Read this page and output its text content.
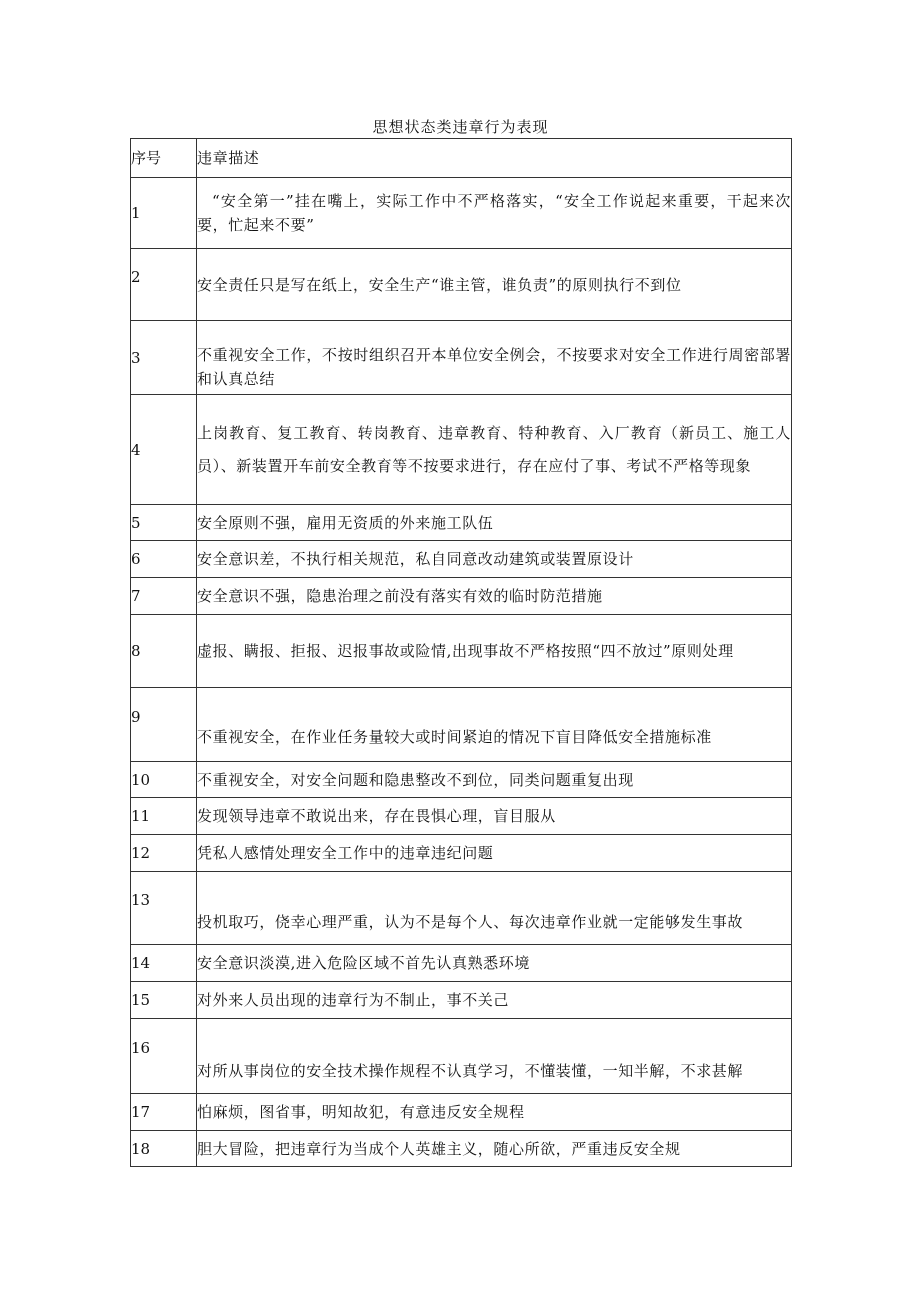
思想状态类违章行为表现
序号	违章描述
1	“安全第一”挂在嘴上，实际工作中不严格落实，“安全工作说起来重要，干起来次要，忙起来不要”
2	安全责任只是写在纸上，安全生产“谁主管，谁负责”的原则执行不到位
3	不重视安全工作，不按时组织召开本单位安全例会，不按要求对安全工作进行周密部署和认真总结
4	上岗教育、复工教育、转岗教育、违章教育、特种教育、入厂教育（新员工、施工人员）、新装置开车前安全教育等不按要求进行，存在应付了事、考试不严格等现象
5	安全原则不强，雇用无资质的外来施工队伍
6	安全意识差，不执行相关规范，私自同意改动建筑或装置原设计
7	安全意识不强，隐患治理之前没有落实有效的临时防范措施
8	虚报、瞒报、拒报、迟报事故或险情,出现事故不严格按照“四不放过”原则处理
9	不重视安全，在作业任务量较大或时间紧迫的情况下盲目降低安全措施标准
10	不重视安全，对安全问题和隐患整改不到位，同类问题重复出现
11	发现领导违章不敢说出来，存在畏惧心理，盲目服从
12	凭私人感情处理安全工作中的违章违纪问题
13	投机取巧，侥幸心理严重，认为不是每个人、每次违章作业就一定能够发生事故
14	安全意识淡漠,进入危险区域不首先认真熟悉环境
15	对外来人员出现的违章行为不制止，事不关己
16	对所从事岗位的安全技术操作规程不认真学习，不懂装懂，一知半解，不求甚解
17	怕麻烦，图省事，明知故犯，有意违反安全规程
18	胆大冒险，把违章行为当成个人英雄主义，随心所欲，严重违反安全规
